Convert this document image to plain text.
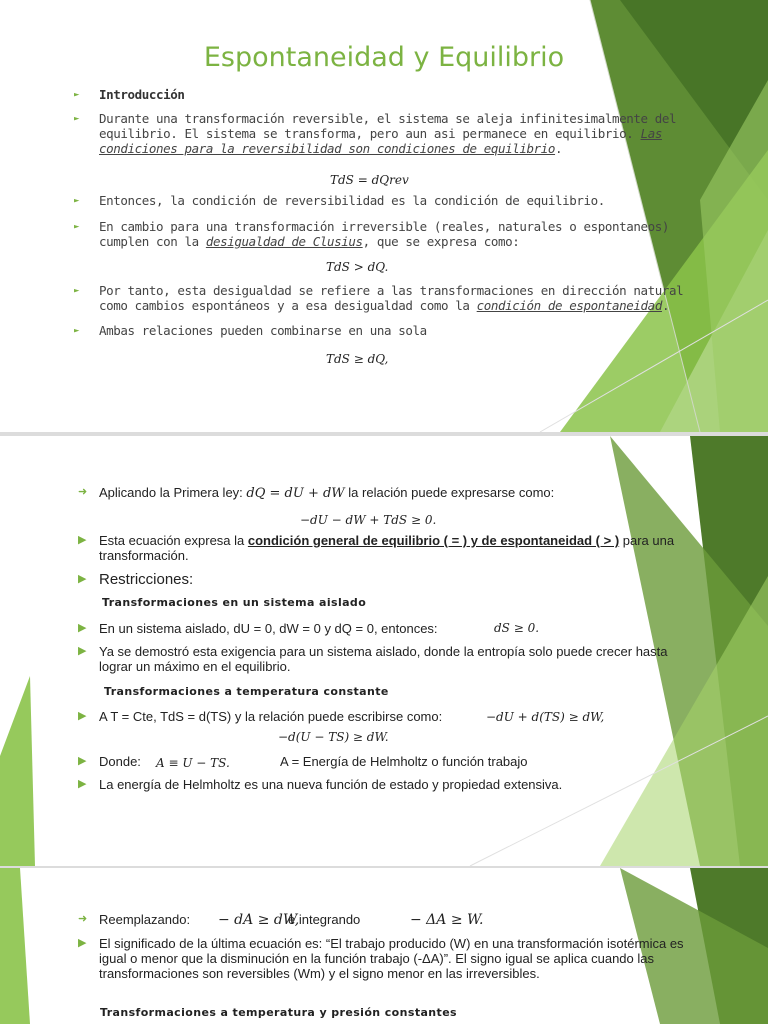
Espontaneidad y Equilibrio
►	Introducción
►	Durante una transformación reversible, el sistema se aleja infinitesimalmente del equilibrio. El sistema se transforma, pero aun asi permanece en equilibrio. Las condiciones para la reversibilidad son condiciones de equilibrio.
TdS = dQrev
►	Entonces, la condición de reversibilidad es la condición de equilibrio.
►	En cambio para una transformación irreversible (reales, naturales o espontaneos) cumplen con la desigualdad de Clusius, que se expresa como:
TdS > dQ.
►	Por tanto, esta desigualdad se refiere a las transformaciones en dirección natural como cambios espontáneos y a esa desigualdad como la condición de espontaneidad.
►	Ambas relaciones pueden combinarse en una sola
TdS ≥ dQ,
➜ Aplicando la Primera ley: dQ = dU + dW la relación puede expresarse como:
−dU − dW + TdS ≥ 0.
▶ Esta ecuación expresa la condición general de equilibrio ( = ) y de espontaneidad ( > ) para una transformación.
▶ Restricciones:
Transformaciones en un sistema aislado
▶ En un sistema aislado, dU = 0, dW = 0 y dQ = 0, entonces:	dS ≥ 0.
▶ Ya se demostró esta exigencia para un sistema aislado, donde la entropía solo puede crecer hasta lograr un máximo en el equilibrio.
Transformaciones a temperatura constante
▶ A T = Cte, TdS = d(TS) y la relación puede escribirse como:	−dU + d(TS) ≥ dW,
−d(U − TS) ≥ dW.
▶ Donde:	A ≡ U − TS.	A = Energía de Helmholtz o función trabajo
▶ La energía de Helmholtz es una nueva función de estado y propiedad extensiva.
➜ Reemplazando:	− dA ≥ dW,
e integrando	− ΔA ≥ W.
▶ El significado de la última ecuación es: “El trabajo producido (W) en una transformación isotérmica es igual o menor que la disminución en la función trabajo (-ΔA)”. El signo igual se aplica cuando las transformaciones son reversibles (Wm) y el signo menor en las irreversibles.
Transformaciones a temperatura y presión constantes
